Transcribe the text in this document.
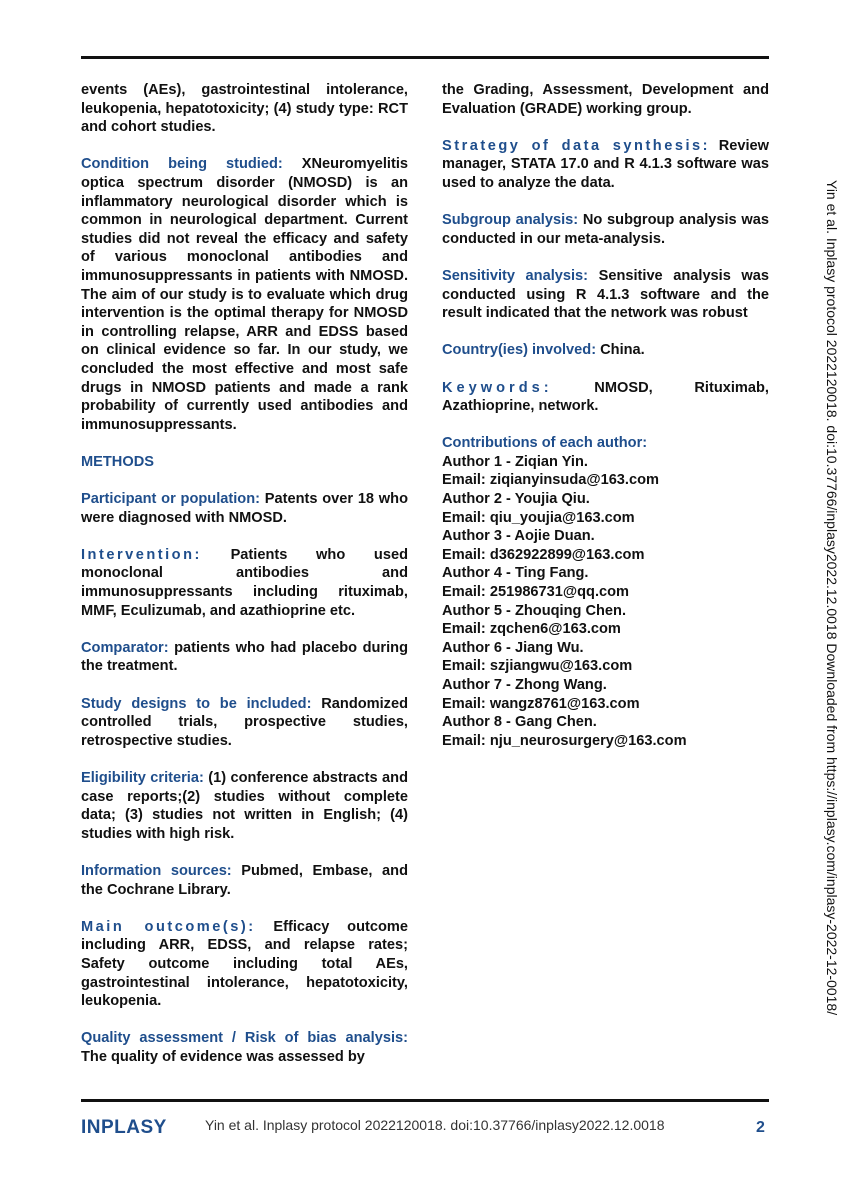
events (AEs), gastrointestinal intolerance, leukopenia, hepatotoxicity; (4) study type: RCT and cohort studies.

Condition being studied: XNeuromyelitis optica spectrum disorder (NMOSD) is an inflammatory neurological disorder which is common in neurological department. Current studies did not reveal the efficacy and safety of various monoclonal antibodies and immunosuppressants in patients with NMOSD. The aim of our study is to evaluate which drug intervention is the optimal therapy for NMOSD in controlling relapse, ARR and EDSS based on clinical evidence so far. In our study, we concluded the most effective and most safe drugs in NMOSD patients and made a rank probability of currently used antibodies and immunosuppressants.

METHODS

Participant or population: Patents over 18 who were diagnosed with NMOSD.

Intervention: Patients who used monoclonal antibodies and immunosuppressants including rituximab, MMF, Eculizumab, and azathioprine etc.

Comparator: patients who had placebo during the treatment.

Study designs to be included: Randomized controlled trials, prospective studies, retrospective studies.

Eligibility criteria: (1) conference abstracts and case reports;(2) studies without complete data; (3) studies not written in English; (4) studies with high risk.

Information sources: Pubmed, Embase, and the Cochrane Library.

Main outcome(s): Efficacy outcome including ARR, EDSS, and relapse rates; Safety outcome including total AEs, gastrointestinal intolerance, hepatotoxicity, leukopenia.

Quality assessment / Risk of bias analysis: The quality of evidence was assessed by

the Grading, Assessment, Development and Evaluation (GRADE) working group.

Strategy of data synthesis: Review manager, STATA 17.0 and R 4.1.3 software was used to analyze the data.

Subgroup analysis: No subgroup analysis was conducted in our meta-analysis.

Sensitivity analysis: Sensitive analysis was conducted using R 4.1.3 software and the result indicated that the network was robust

Country(ies) involved: China.

Keywords: NMOSD, Rituximab, Azathioprine, network.

Contributions of each author:
Author 1 - Ziqian Yin.
Email: ziqianyinsuda@163.com
Author 2 - Youjia Qiu.
Email: qiu_youjia@163.com
Author 3 - Aojie Duan.
Email: d362922899@163.com
Author 4 - Ting Fang.
Email: 251986731@qq.com
Author 5 - Zhouqing Chen.
Email: zqchen6@163.com
Author 6 - Jiang Wu.
Email: szjiangwu@163.com
Author 7 - Zhong Wang.
Email: wangz8761@163.com
Author 8 - Gang Chen.
Email: nju_neurosurgery@163.com	Yin et al. Inplasy protocol 2022120018. doi:10.37766/inplasy2022.12.0018 Downloaded from https://inplasy.com/inplasy-2022-12-0018/
INPLASY	Yin et al. Inplasy protocol 2022120018. doi:10.37766/inplasy2022.12.0018	2
